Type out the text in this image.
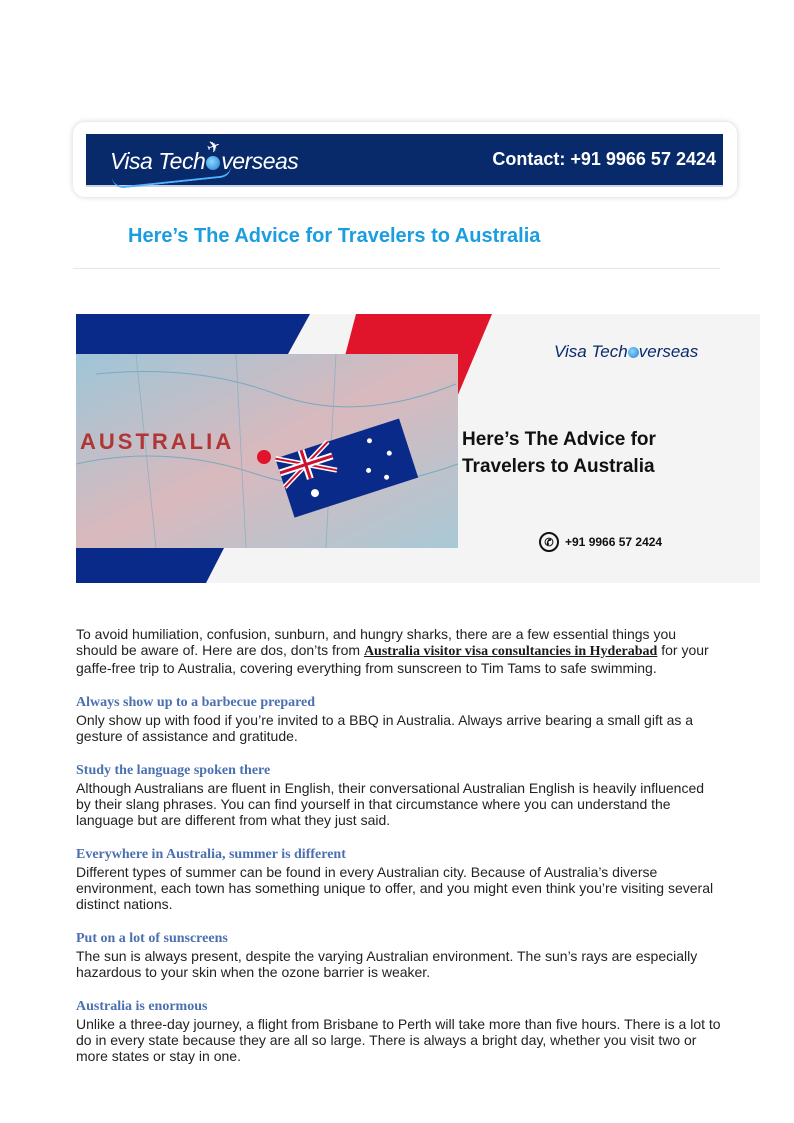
Visa Tech verseas
✈
Contact: +91 9966 57 2424
Here’s The Advice for Travelers to Australia
AUSTRALIA
Visa Tech verseas
Here’s The Advice for
Travelers to Australia
✆ +91 9966 57 2424

To avoid humiliation, confusion, sunburn, and hungry sharks, there are a few essential things you should be aware of. Here are dos, don’ts from Australia visitor visa consultancies in Hyderabad for your gaffe-free trip to Australia, covering everything from sunscreen to Tim Tams to safe swimming.

Always show up to a barbecue prepared

Only show up with food if you’re invited to a BBQ in Australia. Always arrive bearing a small gift as a gesture of assistance and gratitude.

Study the language spoken there

Although Australians are fluent in English, their conversational Australian English is heavily influenced by their slang phrases. You can find yourself in that circumstance where you can understand the language but are different from what they just said.

Everywhere in Australia, summer is different

Different types of summer can be found in every Australian city. Because of Australia’s diverse environment, each town has something unique to offer, and you might even think you’re visiting several distinct nations.

Put on a lot of sunscreens

The sun is always present, despite the varying Australian environment. The sun’s rays are especially hazardous to your skin when the ozone barrier is weaker.

Australia is enormous

Unlike a three-day journey, a flight from Brisbane to Perth will take more than five hours. There is a lot to do in every state because they are all so large. There is always a bright day, whether you visit two or more states or stay in one.
